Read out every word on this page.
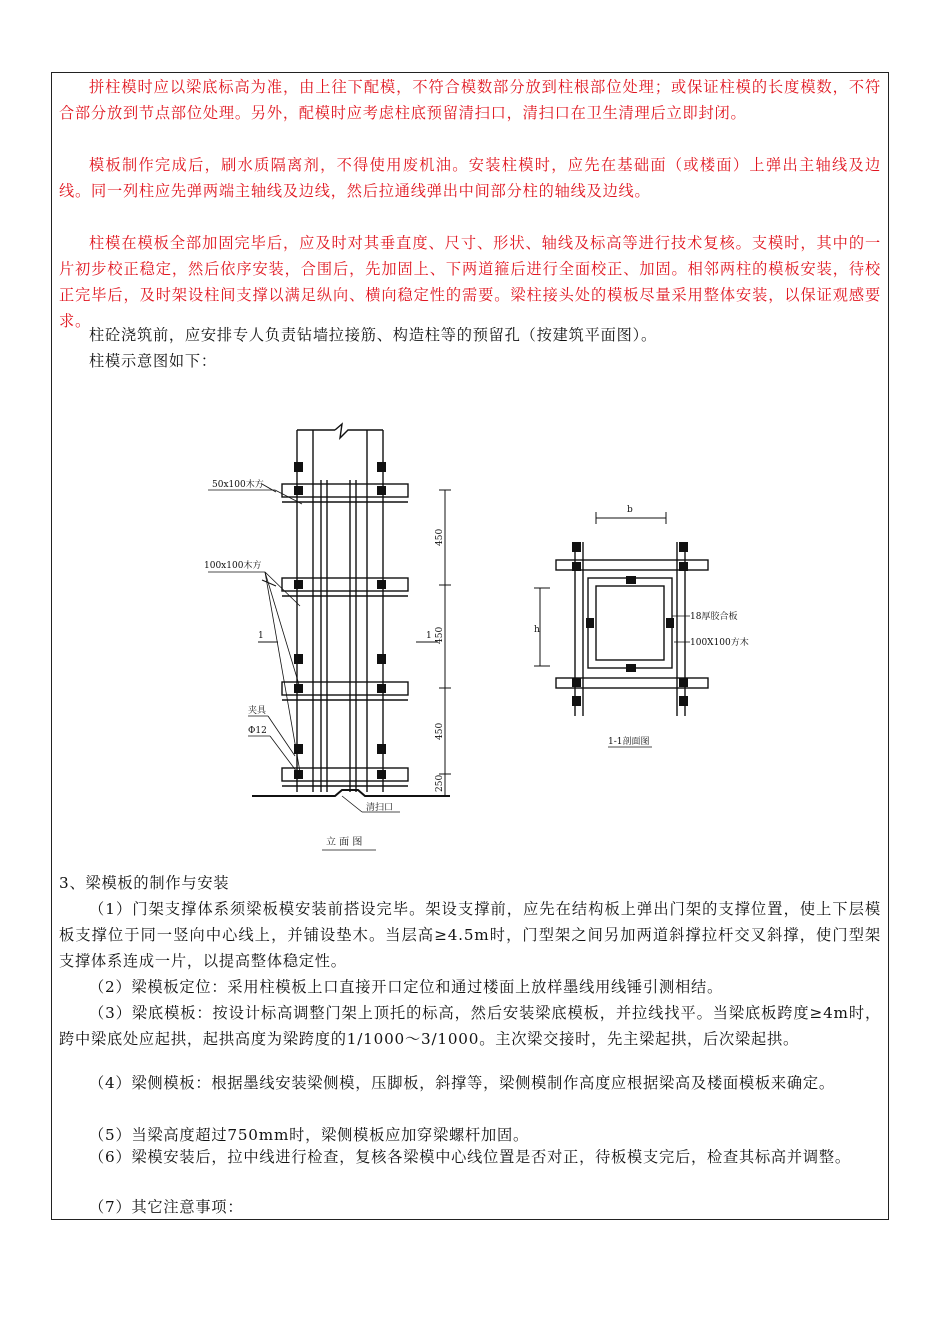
拼柱模时应以梁底标高为准，由上往下配模，不符合模数部分放到柱根部位处理；或保证柱模的长度模数，不符合部分放到节点部位处理。另外，配模时应考虑柱底预留清扫口，清扫口在卫生清理后立即封闭。

模板制作完成后，刷水质隔离剂，不得使用废机油。安装柱模时，应先在基础面（或楼面）上弹出主轴线及边线。同一列柱应先弹两端主轴线及边线，然后拉通线弹出中间部分柱的轴线及边线。

柱模在模板全部加固完毕后，应及时对其垂直度、尺寸、形状、轴线及标高等进行技术复核。支模时，其中的一片初步校正稳定，然后依序安装，合围后，先加固上、下两道箍后进行全面校正、加固。相邻两柱的模板安装，待校正完毕后，及时架设柱间支撑以满足纵向、横向稳定性的需要。梁柱接头处的模板尽量采用整体安装，以保证观感要求。

柱砼浇筑前，应安排专人负责钻墙拉接筋、构造柱等的预留孔（按建筑平面图）。

柱模示意图如下：

50x100木方
100x100木方
夹具
Φ12
清扫口
1	1
450
450
450
250
立 面 图
b
h
18厚胶合板
100X100方木
1-1剖面图

3、梁模板的制作与安装

（1）门架支撑体系须梁板模安装前搭设完毕。架设支撑前，应先在结构板上弹出门架的支撑位置，使上下层模板支撑位于同一竖向中心线上，并铺设垫木。当层高≥4.5m时，门型架之间另加两道斜撑拉杆交叉斜撑，使门型架支撑体系连成一片，以提高整体稳定性。

（2）梁模板定位：采用柱模板上口直接开口定位和通过楼面上放样墨线用线锤引测相结。

（3）梁底模板：按设计标高调整门架上顶托的标高，然后安装梁底模板，并拉线找平。当梁底板跨度≥4m时，跨中梁底处应起拱，起拱高度为梁跨度的1/1000～3/1000。主次梁交接时，先主梁起拱，后次梁起拱。

（4）梁侧模板：根据墨线安装梁侧模，压脚板，斜撑等，梁侧模制作高度应根据梁高及楼面模板来确定。

（5）当梁高度超过750mm时，梁侧模板应加穿梁螺杆加固。

（6）梁模安装后，拉中线进行检查，复核各梁模中心线位置是否对正，待板模支完后，检查其标高并调整。

（7）其它注意事项：
